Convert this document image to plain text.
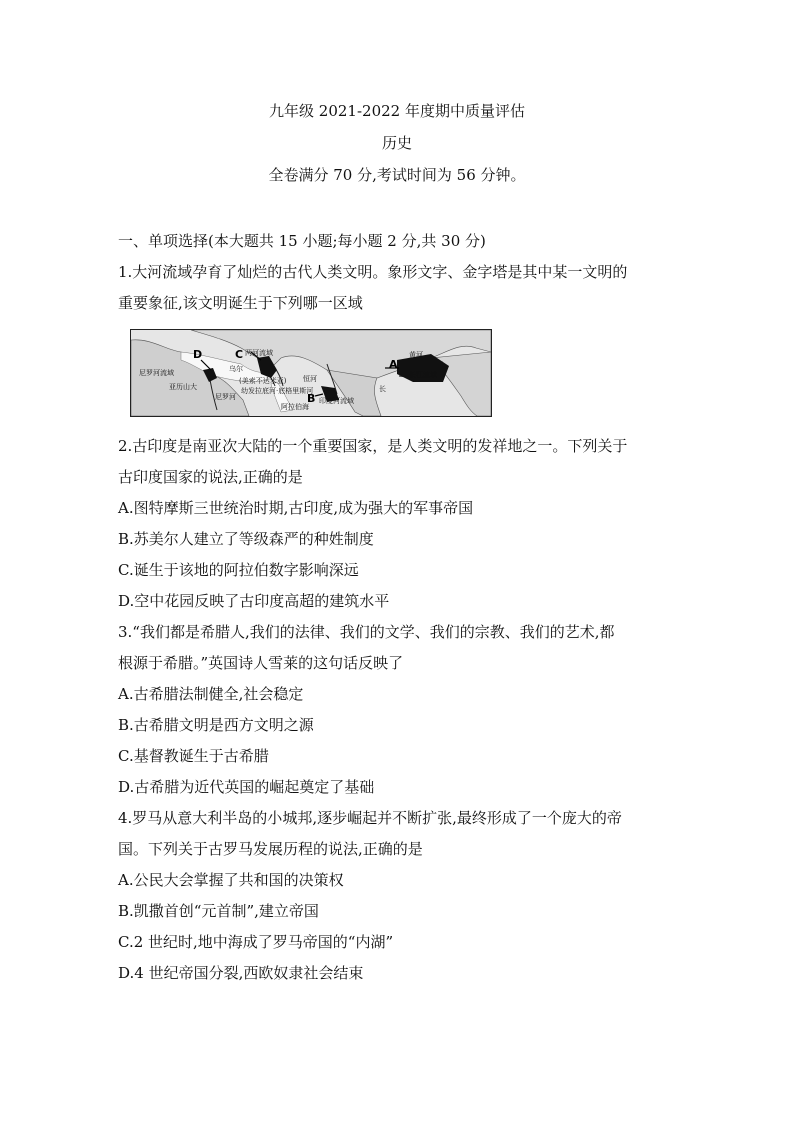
九年级 2021-2022 年度期中质量评估
历史
全卷满分 70 分,考试时间为 56 分钟。
一、单项选择(本大题共 15 小题;每小题 2 分,共 30 分)
1.大河流域孕育了灿烂的古代人类文明。象形文字、金字塔是其中某一文明的
重要象征,该文明诞生于下列哪一区域
D	C
B
A
尼罗河流域
尼罗河
亚历山大
两河流域
(美索不达米亚)
乌尔
幼发拉底河·底格里斯河
恒河
印度河流域
阿拉伯海
黄河
长江流域
长
2.古印度是南亚次大陆的一个重要国家，是人类文明的发祥地之一。下列关于
古印度国家的说法,正确的是
A.图特摩斯三世统治时期,古印度,成为强大的军事帝国
B.苏美尔人建立了等级森严的种姓制度
C.诞生于该地的阿拉伯数字影响深远
D.空中花园反映了古印度高超的建筑水平
3.“我们都是希腊人,我们的法律、我们的文学、我们的宗教、我们的艺术,都
根源于希腊。”英国诗人雪莱的这句话反映了
A.古希腊法制健全,社会稳定
B.古希腊文明是西方文明之源
C.基督教诞生于古希腊
D.古希腊为近代英国的崛起奠定了基础
4.罗马从意大利半岛的小城邦,逐步崛起并不断扩张,最终形成了一个庞大的帝
国。下列关于古罗马发展历程的说法,正确的是
A.公民大会掌握了共和国的决策权
B.凯撒首创“元首制”,建立帝国
C.2 世纪时,地中海成了罗马帝国的“内湖”
D.4 世纪帝国分裂,西欧奴隶社会结束
